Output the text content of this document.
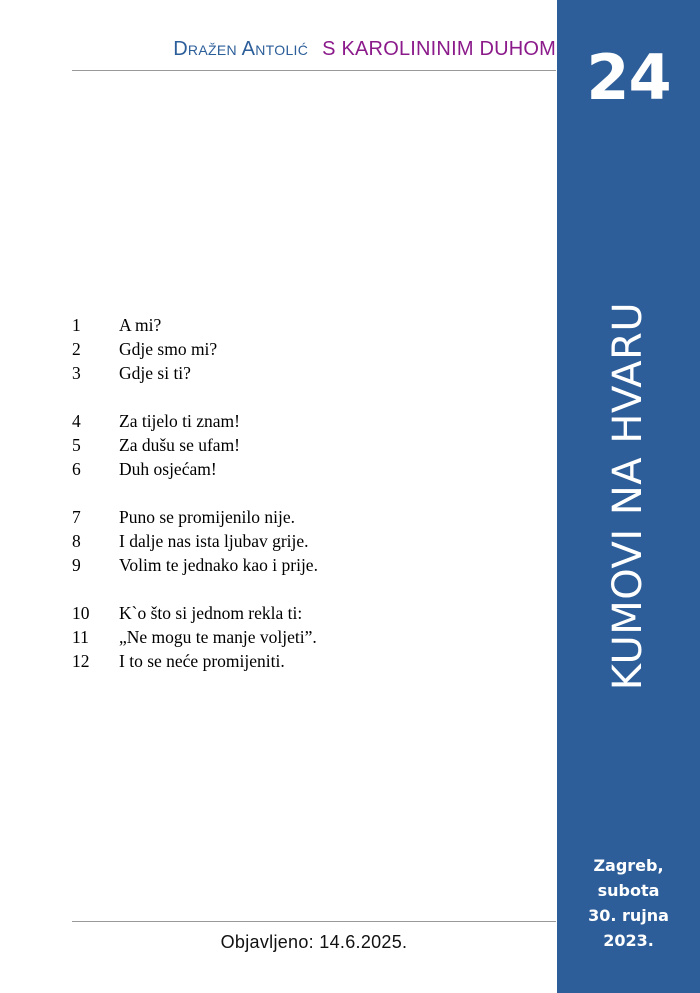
Dražen Antolić S KAROLININIM DUHOM
1	A mi?
2	Gdje smo mi?
3	Gdje si ti?
4	Za tijelo ti znam!
5	Za dušu se ufam!
6	Duh osjećam!
7	Puno se promijenilo nije.
8	I dalje nas ista ljubav grije.
9	Volim te jednako kao i prije.
10	K`o što si jednom rekla ti:
11	„Ne mogu te manje voljeti”.
12	I to se neće promijeniti.
Objavljeno: 14.6.2025.
24
KUMOVI NA HVARU
Zagreb,
subota
30. rujna
2023.
